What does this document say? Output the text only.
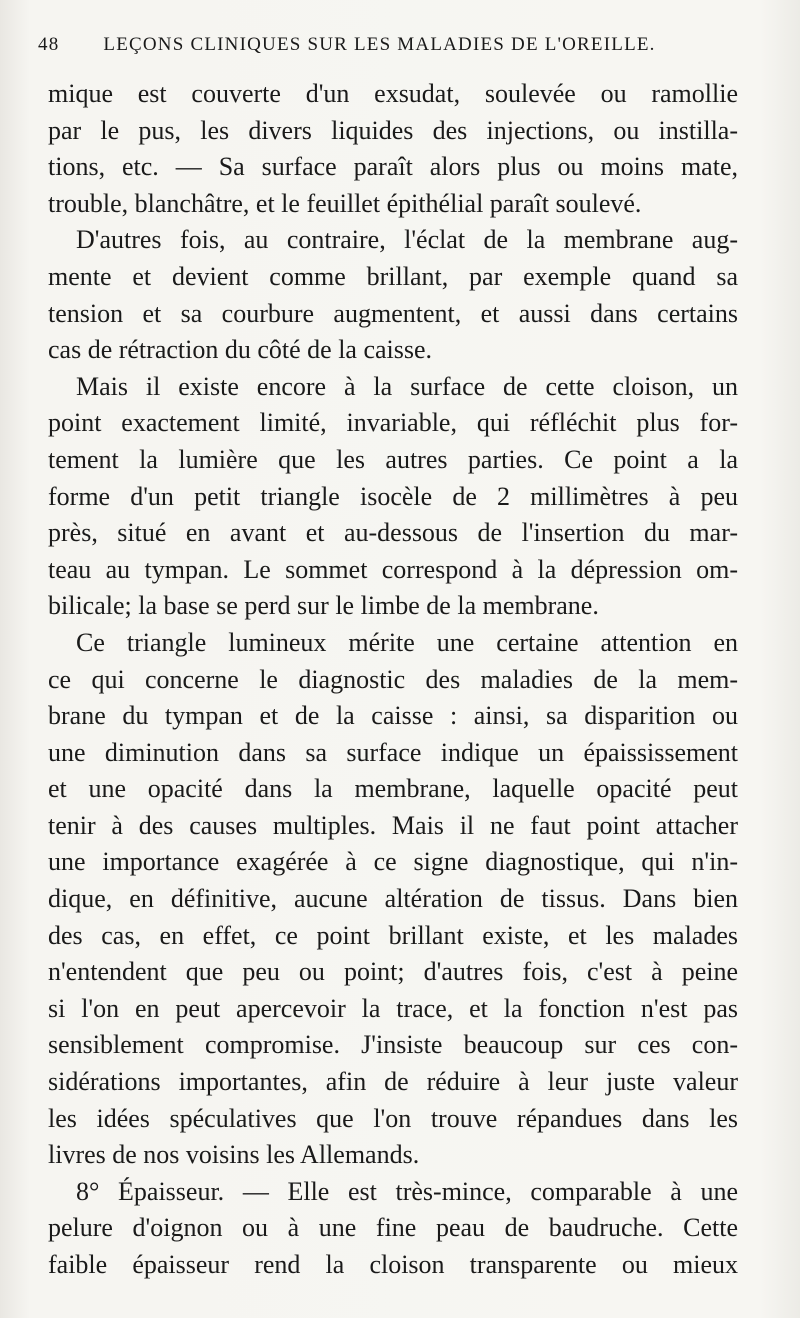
48 LEÇONS CLINIQUES SUR LES MALADIES DE L'OREILLE.
mique est couverte d'un exsudat, soulevée ou ramollie
par le pus, les divers liquides des injections, ou instilla-
tions, etc. — Sa surface paraît alors plus ou moins mate,
trouble, blanchâtre, et le feuillet épithélial paraît soulevé.
D'autres fois, au contraire, l'éclat de la membrane aug-
mente et devient comme brillant, par exemple quand sa
tension et sa courbure augmentent, et aussi dans certains
cas de rétraction du côté de la caisse.
Mais il existe encore à la surface de cette cloison, un
point exactement limité, invariable, qui réfléchit plus for-
tement la lumière que les autres parties. Ce point a la
forme d'un petit triangle isocèle de 2 millimètres à peu
près, situé en avant et au-dessous de l'insertion du mar-
teau au tympan. Le sommet correspond à la dépression om-
bilicale; la base se perd sur le limbe de la membrane.
Ce triangle lumineux mérite une certaine attention en
ce qui concerne le diagnostic des maladies de la mem-
brane du tympan et de la caisse : ainsi, sa disparition ou
une diminution dans sa surface indique un épaississement
et une opacité dans la membrane, laquelle opacité peut
tenir à des causes multiples. Mais il ne faut point attacher
une importance exagérée à ce signe diagnostique, qui n'in-
dique, en définitive, aucune altération de tissus. Dans bien
des cas, en effet, ce point brillant existe, et les malades
n'entendent que peu ou point; d'autres fois, c'est à peine
si l'on en peut apercevoir la trace, et la fonction n'est pas
sensiblement compromise. J'insiste beaucoup sur ces con-
sidérations importantes, afin de réduire à leur juste valeur
les idées spéculatives que l'on trouve répandues dans les
livres de nos voisins les Allemands.
8° Épaisseur. — Elle est très-mince, comparable à une
pelure d'oignon ou à une fine peau de baudruche. Cette
faible épaisseur rend la cloison transparente ou mieux
